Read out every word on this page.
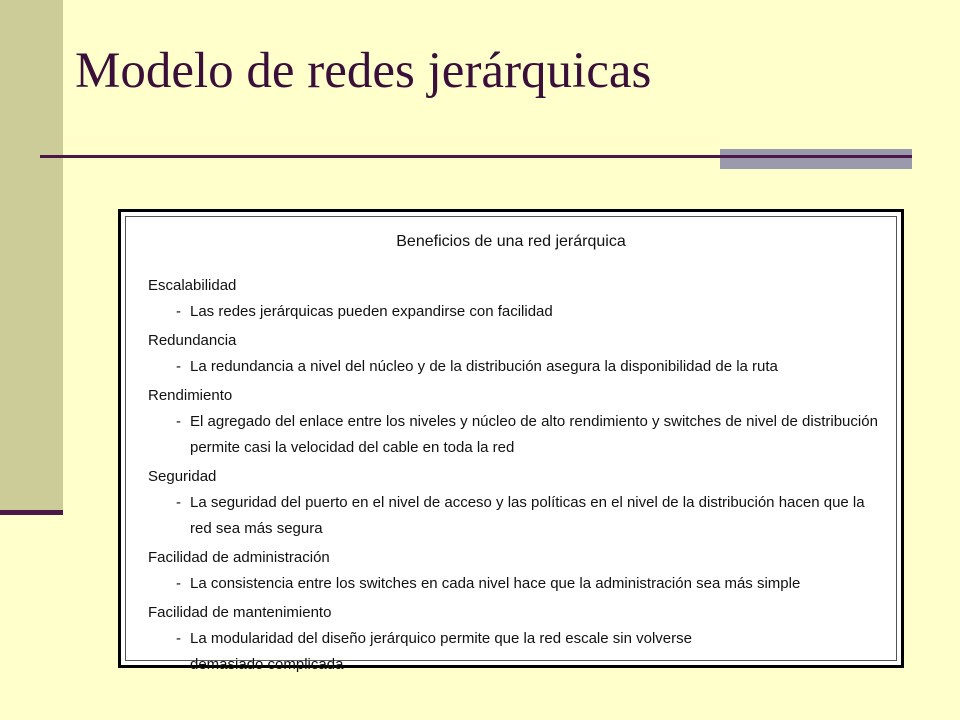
Modelo de redes jerárquicas
Beneficios de una red jerárquica
Escalabilidad
- Las redes jerárquicas pueden expandirse con facilidad
Redundancia
- La redundancia a nivel del núcleo y de la distribución asegura la disponibilidad de la ruta
Rendimiento
- El agregado del enlace entre los niveles y núcleo de alto rendimiento y switches de nivel de distribución permite casi la velocidad del cable en toda la red
Seguridad
- La seguridad del puerto en el nivel de acceso y las políticas en el nivel de la distribución hacen que la red sea más segura
Facilidad de administración
- La consistencia entre los switches en cada nivel hace que la administración sea más simple
Facilidad de mantenimiento
- La modularidad del diseño jerárquico permite que la red escale sin volverse demasiado complicada
